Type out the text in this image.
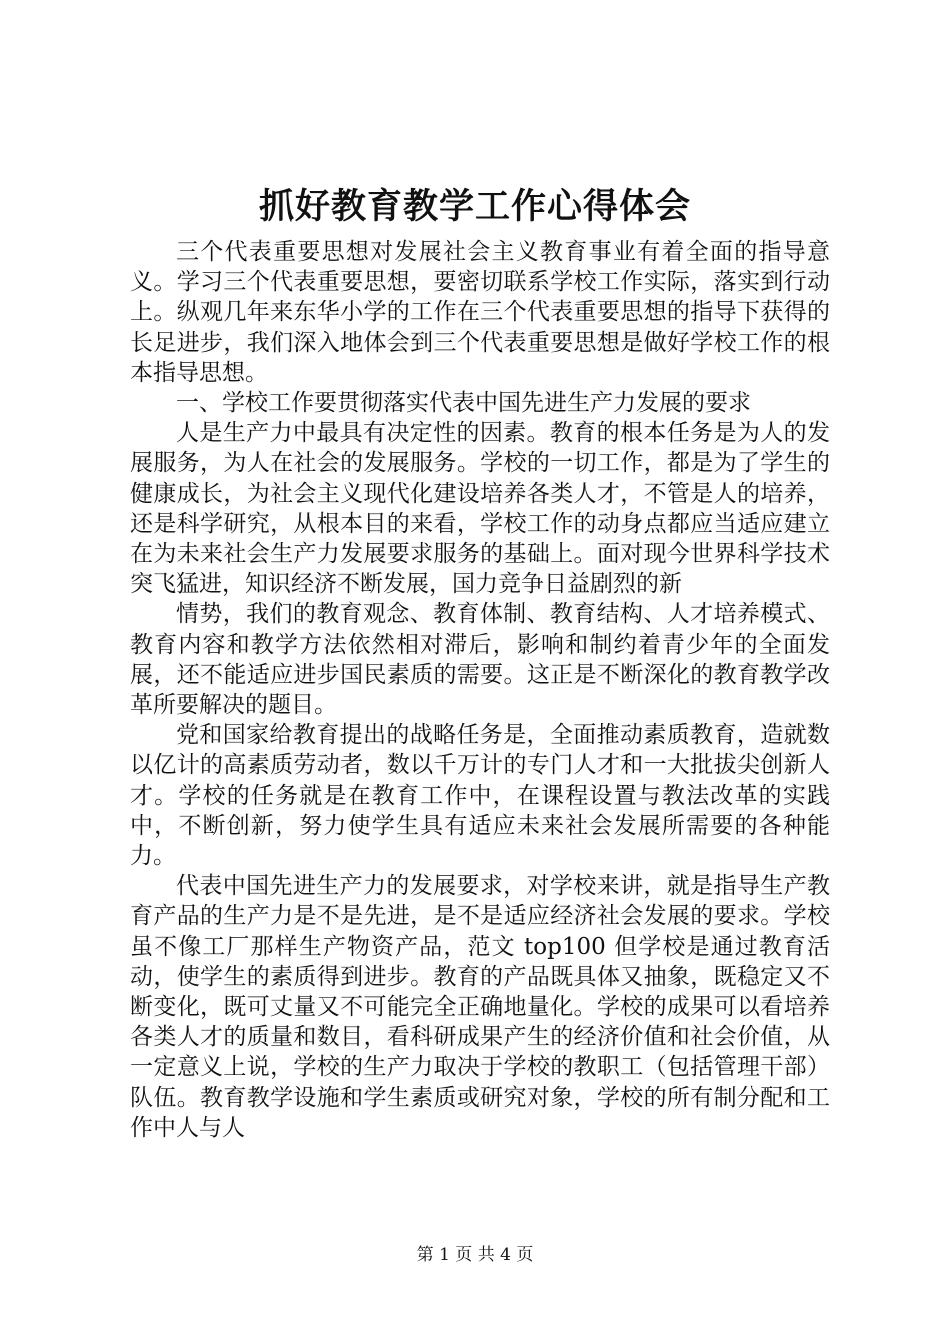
抓好教育教学工作心得体会

三个代表重要思想对发展社会主义教育事业有着全面的指导意义。学习三个代表重要思想，要密切联系学校工作实际，落实到行动上。纵观几年来东华小学的工作在三个代表重要思想的指导下获得的长足进步，我们深入地体会到三个代表重要思想是做好学校工作的根本指导思想。

一、学校工作要贯彻落实代表中国先进生产力发展的要求

人是生产力中最具有决定性的因素。教育的根本任务是为人的发展服务，为人在社会的发展服务。学校的一切工作，都是为了学生的健康成长，为社会主义现代化建设培养各类人才，不管是人的培养，还是科学研究，从根本目的来看，学校工作的动身点都应当适应建立在为未来社会生产力发展要求服务的基础上。面对现今世界科学技术突飞猛进，知识经济不断发展，国力竞争日益剧烈的新

情势，我们的教育观念、教育体制、教育结构、人才培养模式、教育内容和教学方法依然相对滞后，影响和制约着青少年的全面发展，还不能适应进步国民素质的需要。这正是不断深化的教育教学改革所要解决的题目。

党和国家给教育提出的战略任务是，全面推动素质教育，造就数以亿计的高素质劳动者，数以千万计的专门人才和一大批拔尖创新人才。学校的任务就是在教育工作中，在课程设置与教法改革的实践中，不断创新，努力使学生具有适应未来社会发展所需要的各种能力。

代表中国先进生产力的发展要求，对学校来讲，就是指导生产教育产品的生产力是不是先进，是不是适应经济社会发展的要求。学校虽不像工厂那样生产物资产品，范文 top100 但学校是通过教育活动，使学生的素质得到进步。教育的产品既具体又抽象，既稳定又不断变化，既可丈量又不可能完全正确地量化。学校的成果可以看培养各类人才的质量和数目，看科研成果产生的经济价值和社会价值，从一定意义上说，学校的生产力取决于学校的教职工（包括管理干部）队伍。教育教学设施和学生素质或研究对象，学校的所有制分配和工作中人与人

第 1 页 共 4 页
